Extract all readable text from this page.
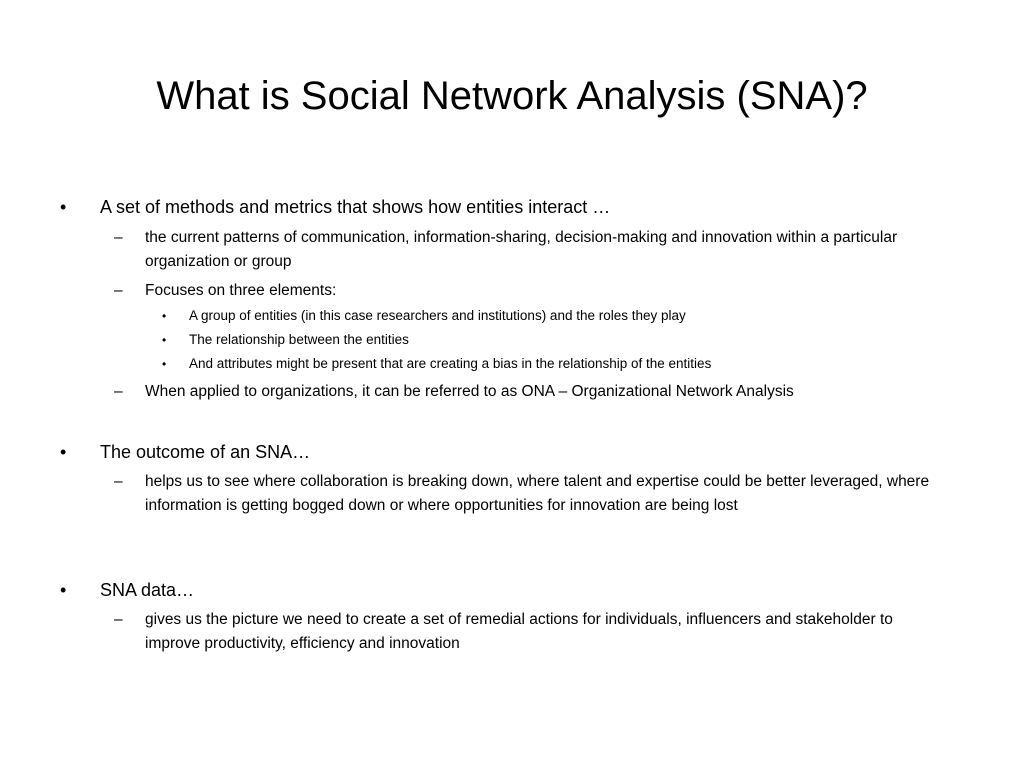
What is Social Network Analysis (SNA)?
• A set of methods and metrics that shows how entities interact …
– the current patterns of communication, information-sharing, decision-making and innovation within a particular organization or group
– Focuses on three elements:
• A group of entities (in this case researchers and institutions) and the roles they play
• The relationship between the entities
• And attributes might be present that are creating a bias in the relationship of the entities
– When applied to organizations, it can be referred to as ONA – Organizational Network Analysis
• The outcome of an SNA…
– helps us to see where collaboration is breaking down, where talent and expertise could be better leveraged, where information is getting bogged down or where opportunities for innovation are being lost
• SNA data…
– gives us the picture we need to create a set of remedial actions for individuals, influencers and stakeholder to improve productivity, efficiency and innovation
